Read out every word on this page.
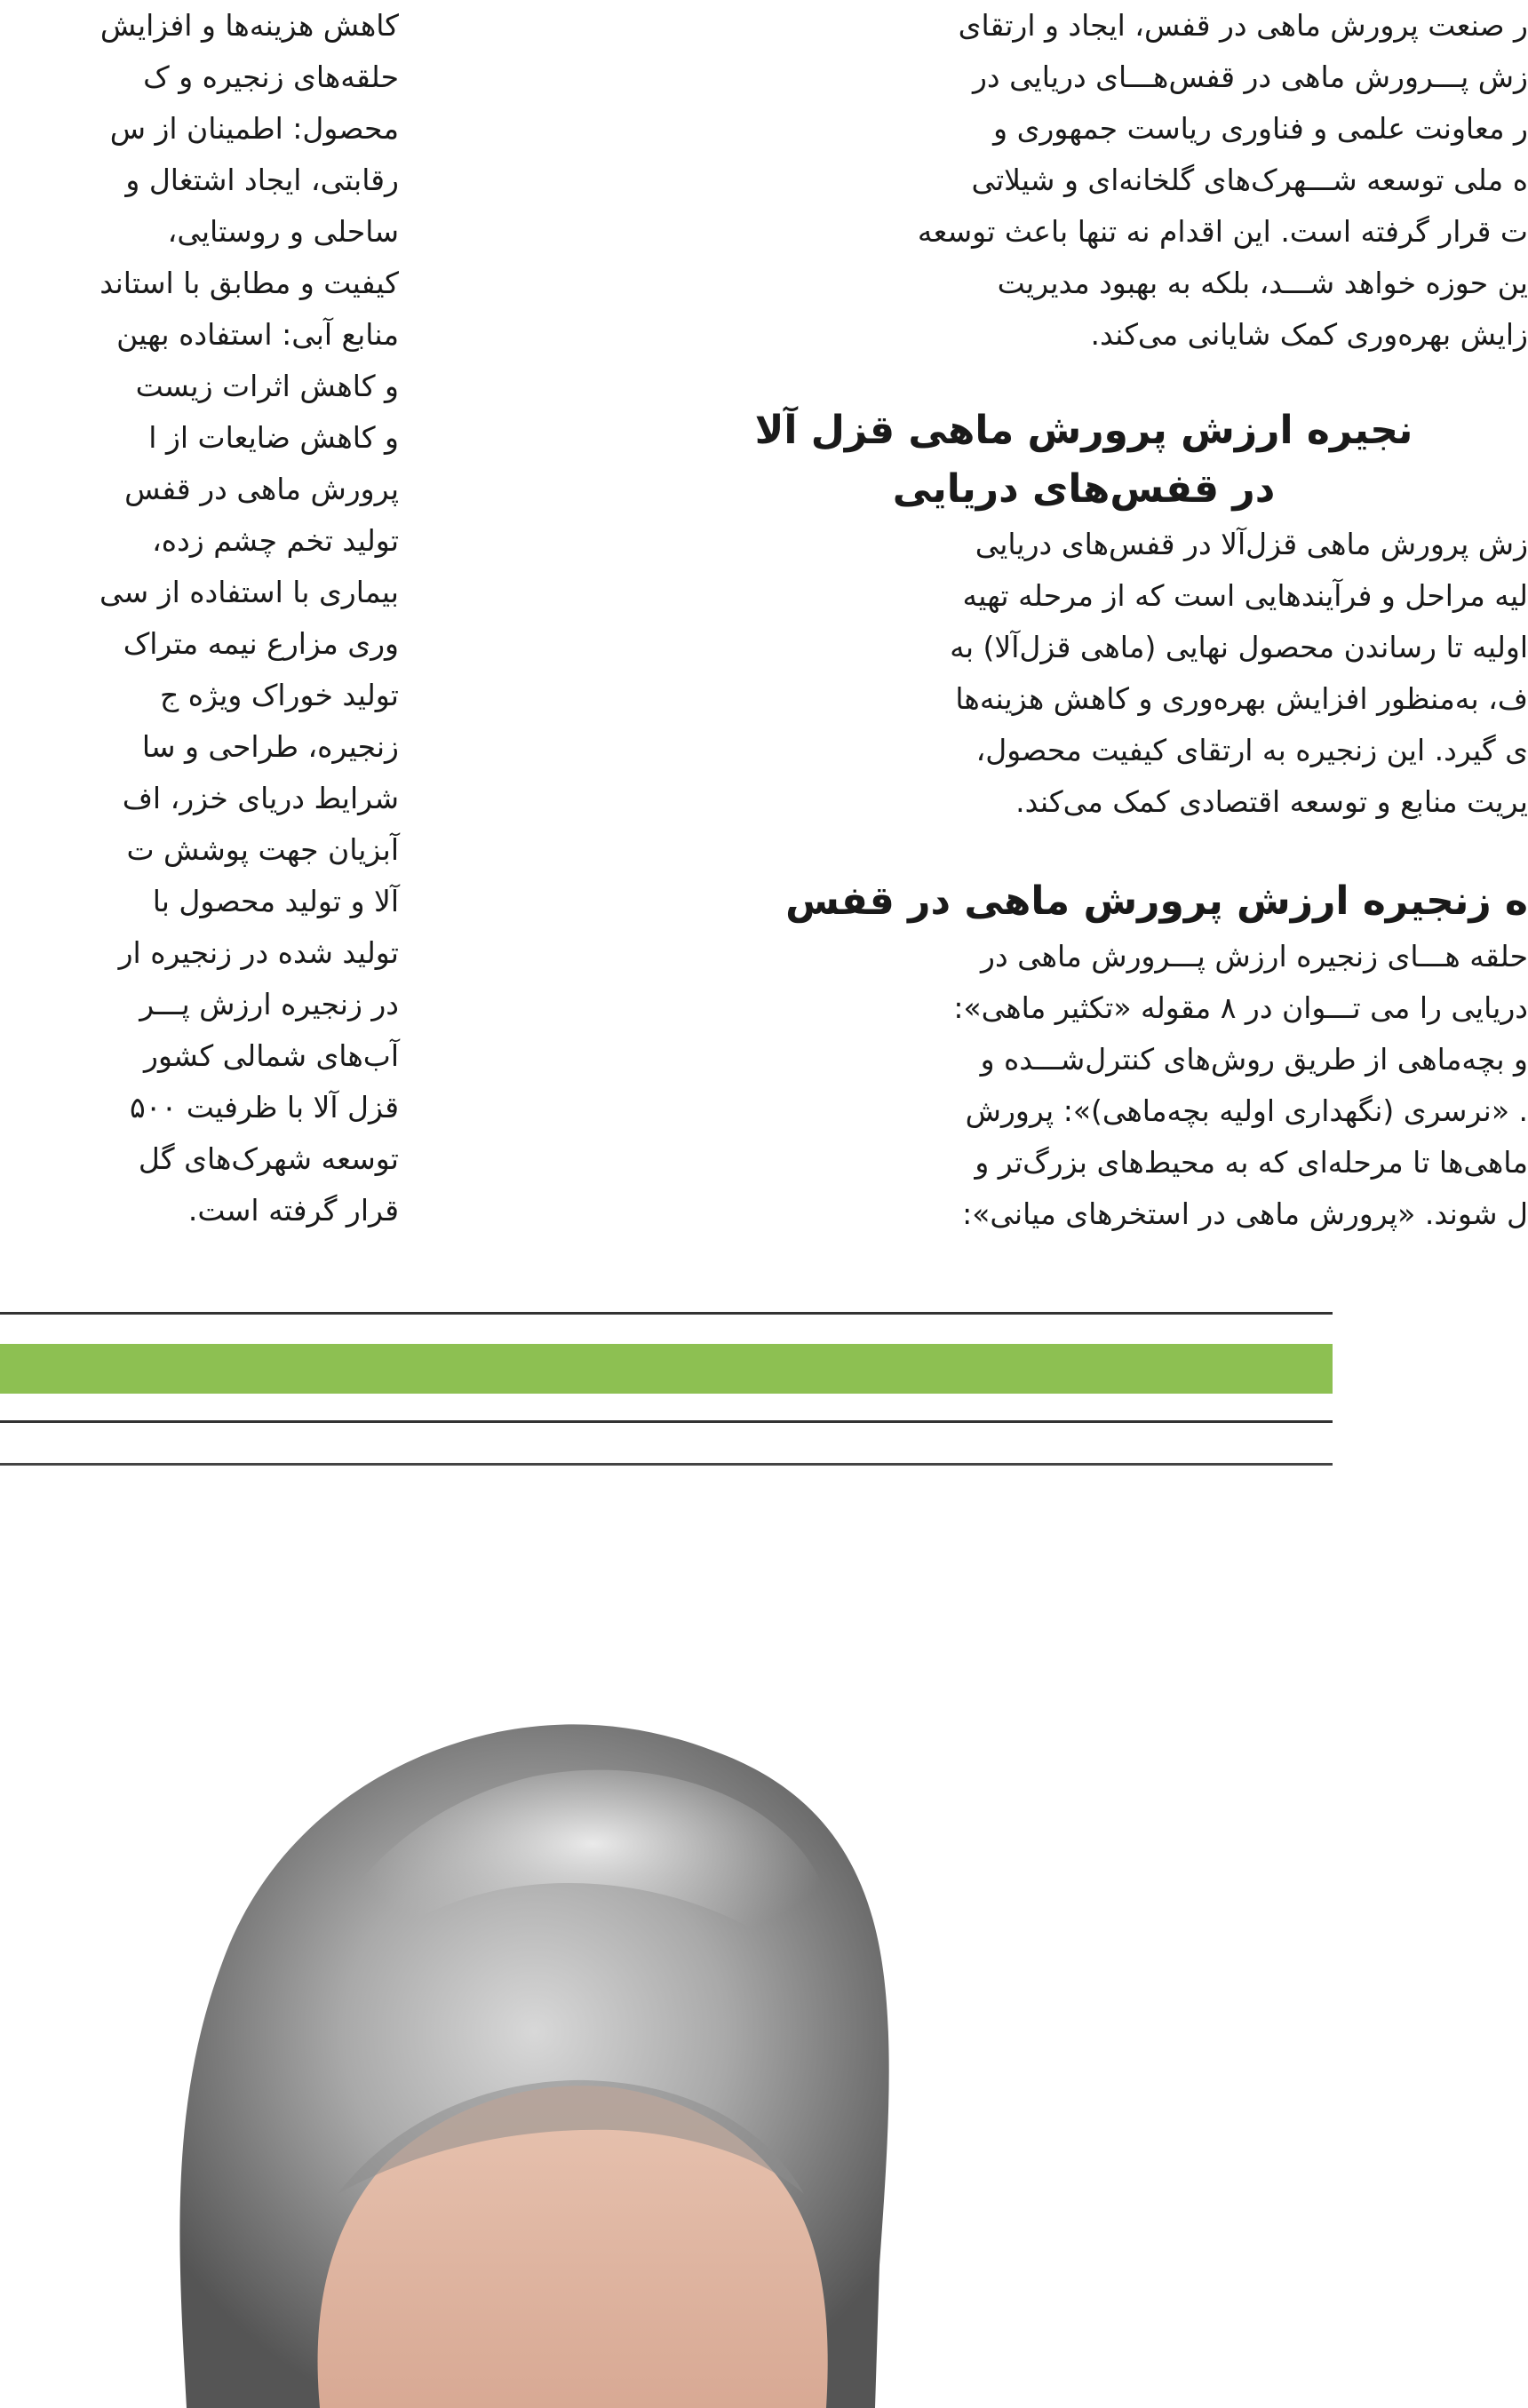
کاهش هزینه‌ها و افزایش

حلقه‌های زنجیره و ک

محصول: اطمینان از س

رقابتی، ایجاد اشتغال و

ساحلی و روستایی،

کیفیت و مطابق با استاند

منابع آبی: استفاده بهین

و کاهش اثرات زیست

و کاهش ضایعات از ا

پرورش ماهی در قفس

تولید تخم چشم زده،

بیماری با استفاده از سی

وری مزارع نیمه متراک

تولید خوراک ویژه ج

زنجیره، طراحی و سا

شرایط دریای خزر، اف

آبزیان جهت پوشش ت

آلا و تولید محصول با

تولید شده در زنجیره ار

در زنجیره ارزش پـــر

آب‌های شمالی کشور

قزل آلا با ظرفیت ۵۰۰

توسعه شهرک‌های گل

قرار گرفته است.

ر صنعت پرورش ماهی در قفس، ایجاد و ارتقای

زش پـــرورش ماهی در قفس‌هـــای دریایی در

ر معاونت علمی و فناوری ریاست جمهوری و

ه ملی توسعه شـــهرک‌های گلخانه‌ای و شیلاتی

ت قرار گرفته است. این اقدام نه تنها باعث توسعه

ین حوزه خواهد شـــد، بلکه به بهبود مدیریت

زایش بهره‌وری کمک شایانی می‌کند.

نجیره ارزش پرورش ماهی قزل آلا

در قفس‌های دریایی

زش پرورش ماهی قزل‌آلا در قفس‌های دریایی

لیه مراحل و فرآیندهایی است که از مرحله تهیه

اولیه تا رساندن محصول نهایی (ماهی قزل‌آلا) به

ف، به‌منظور افزایش بهره‌وری و کاهش هزینه‌ها

ی گیرد. این زنجیره به ارتقای کیفیت محصول،

یریت منابع و توسعه اقتصادی کمک می‌کند.

ه زنجیره ارزش پرورش ماهی در قفس

حلقه هـــای زنجیره ارزش پـــرورش ماهی در

دریایی را می تـــوان در ۸ مقوله «تکثیر ماهی»:

و بچه‌ماهی از طریق روش‌های کنترل‌شـــده و

. «نرسری (نگهداری اولیه بچه‌ماهی)»: پرورش

ماهی‌ها تا مرحله‌ای که به محیط‌های بزرگ‌تر و

ل شوند. «پرورش ماهی در استخرهای میانی»:
